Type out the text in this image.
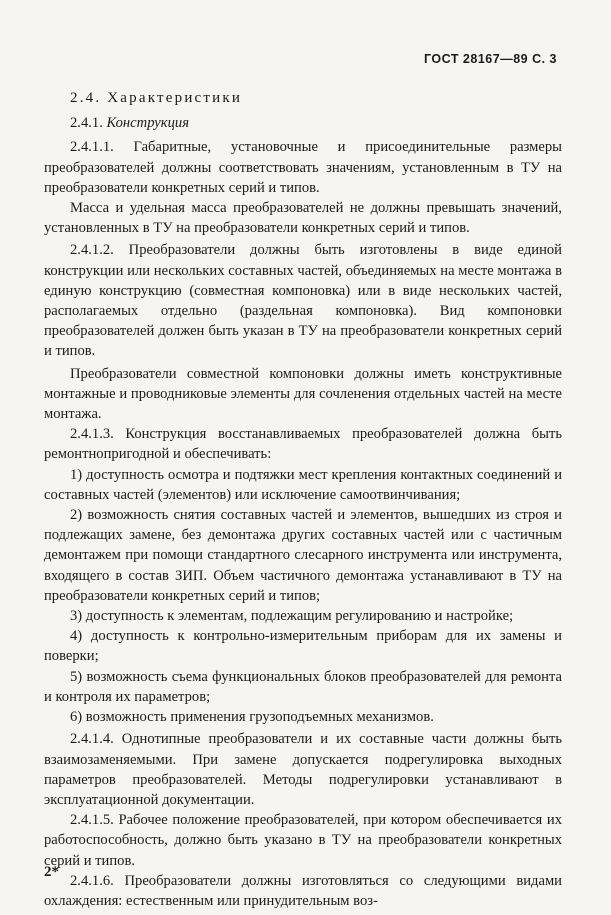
ГОСТ 28167—89 С. 3
2.4. Характеристики
2.4.1. Конструкция

2.4.1.1. Габаритные, установочные и присоединительные размеры преобразователей должны соответствовать значениям, установленным в ТУ на преобразователи конкретных серий и типов.

Масса и удельная масса преобразователей не должны превышать значений, установленных в ТУ на преобразователи конкретных серий и типов.

2.4.1.2. Преобразователи должны быть изготовлены в виде единой конструкции или нескольких составных частей, объединяемых на месте монтажа в единую конструкцию (совместная компоновка) или в виде нескольких частей, располагаемых отдельно (раздельная компоновка). Вид компоновки преобразователей должен быть указан в ТУ на преобразователи конкретных серий и типов.

Преобразователи совместной компоновки должны иметь конструктивные монтажные и проводниковые элементы для сочленения отдельных частей на месте монтажа.

2.4.1.3. Конструкция восстанавливаемых преобразователей должна быть ремонтнопригодной и обеспечивать:

1) доступность осмотра и подтяжки мест крепления контактных соединений и составных частей (элементов) или исключение самоотвинчивания;

2) возможность снятия составных частей и элементов, вышедших из строя и подлежащих замене, без демонтажа других составных частей или с частичным демонтажем при помощи стандартного слесарного инструмента или инструмента, входящего в состав ЗИП. Объем частичного демонтажа устанавливают в ТУ на преобразователи конкретных серий и типов;

3) доступность к элементам, подлежащим регулированию и настройке;

4) доступность к контрольно-измерительным приборам для их замены и поверки;

5) возможность съема функциональных блоков преобразователей для ремонта и контроля их параметров;

6) возможность применения грузоподъемных механизмов.

2.4.1.4. Однотипные преобразователи и их составные части должны быть взаимозаменяемыми. При замене допускается подрегулировка выходных параметров преобразователей. Методы подрегулировки устанавливают в эксплуатационной документации.

2.4.1.5. Рабочее положение преобразователей, при котором обеспечивается их работоспособность, должно быть указано в ТУ на преобразователи конкретных серий и типов.

2.4.1.6. Преобразователи должны изготовляться со следующими видами охлаждения: естественным или принудительным воз-

2*
